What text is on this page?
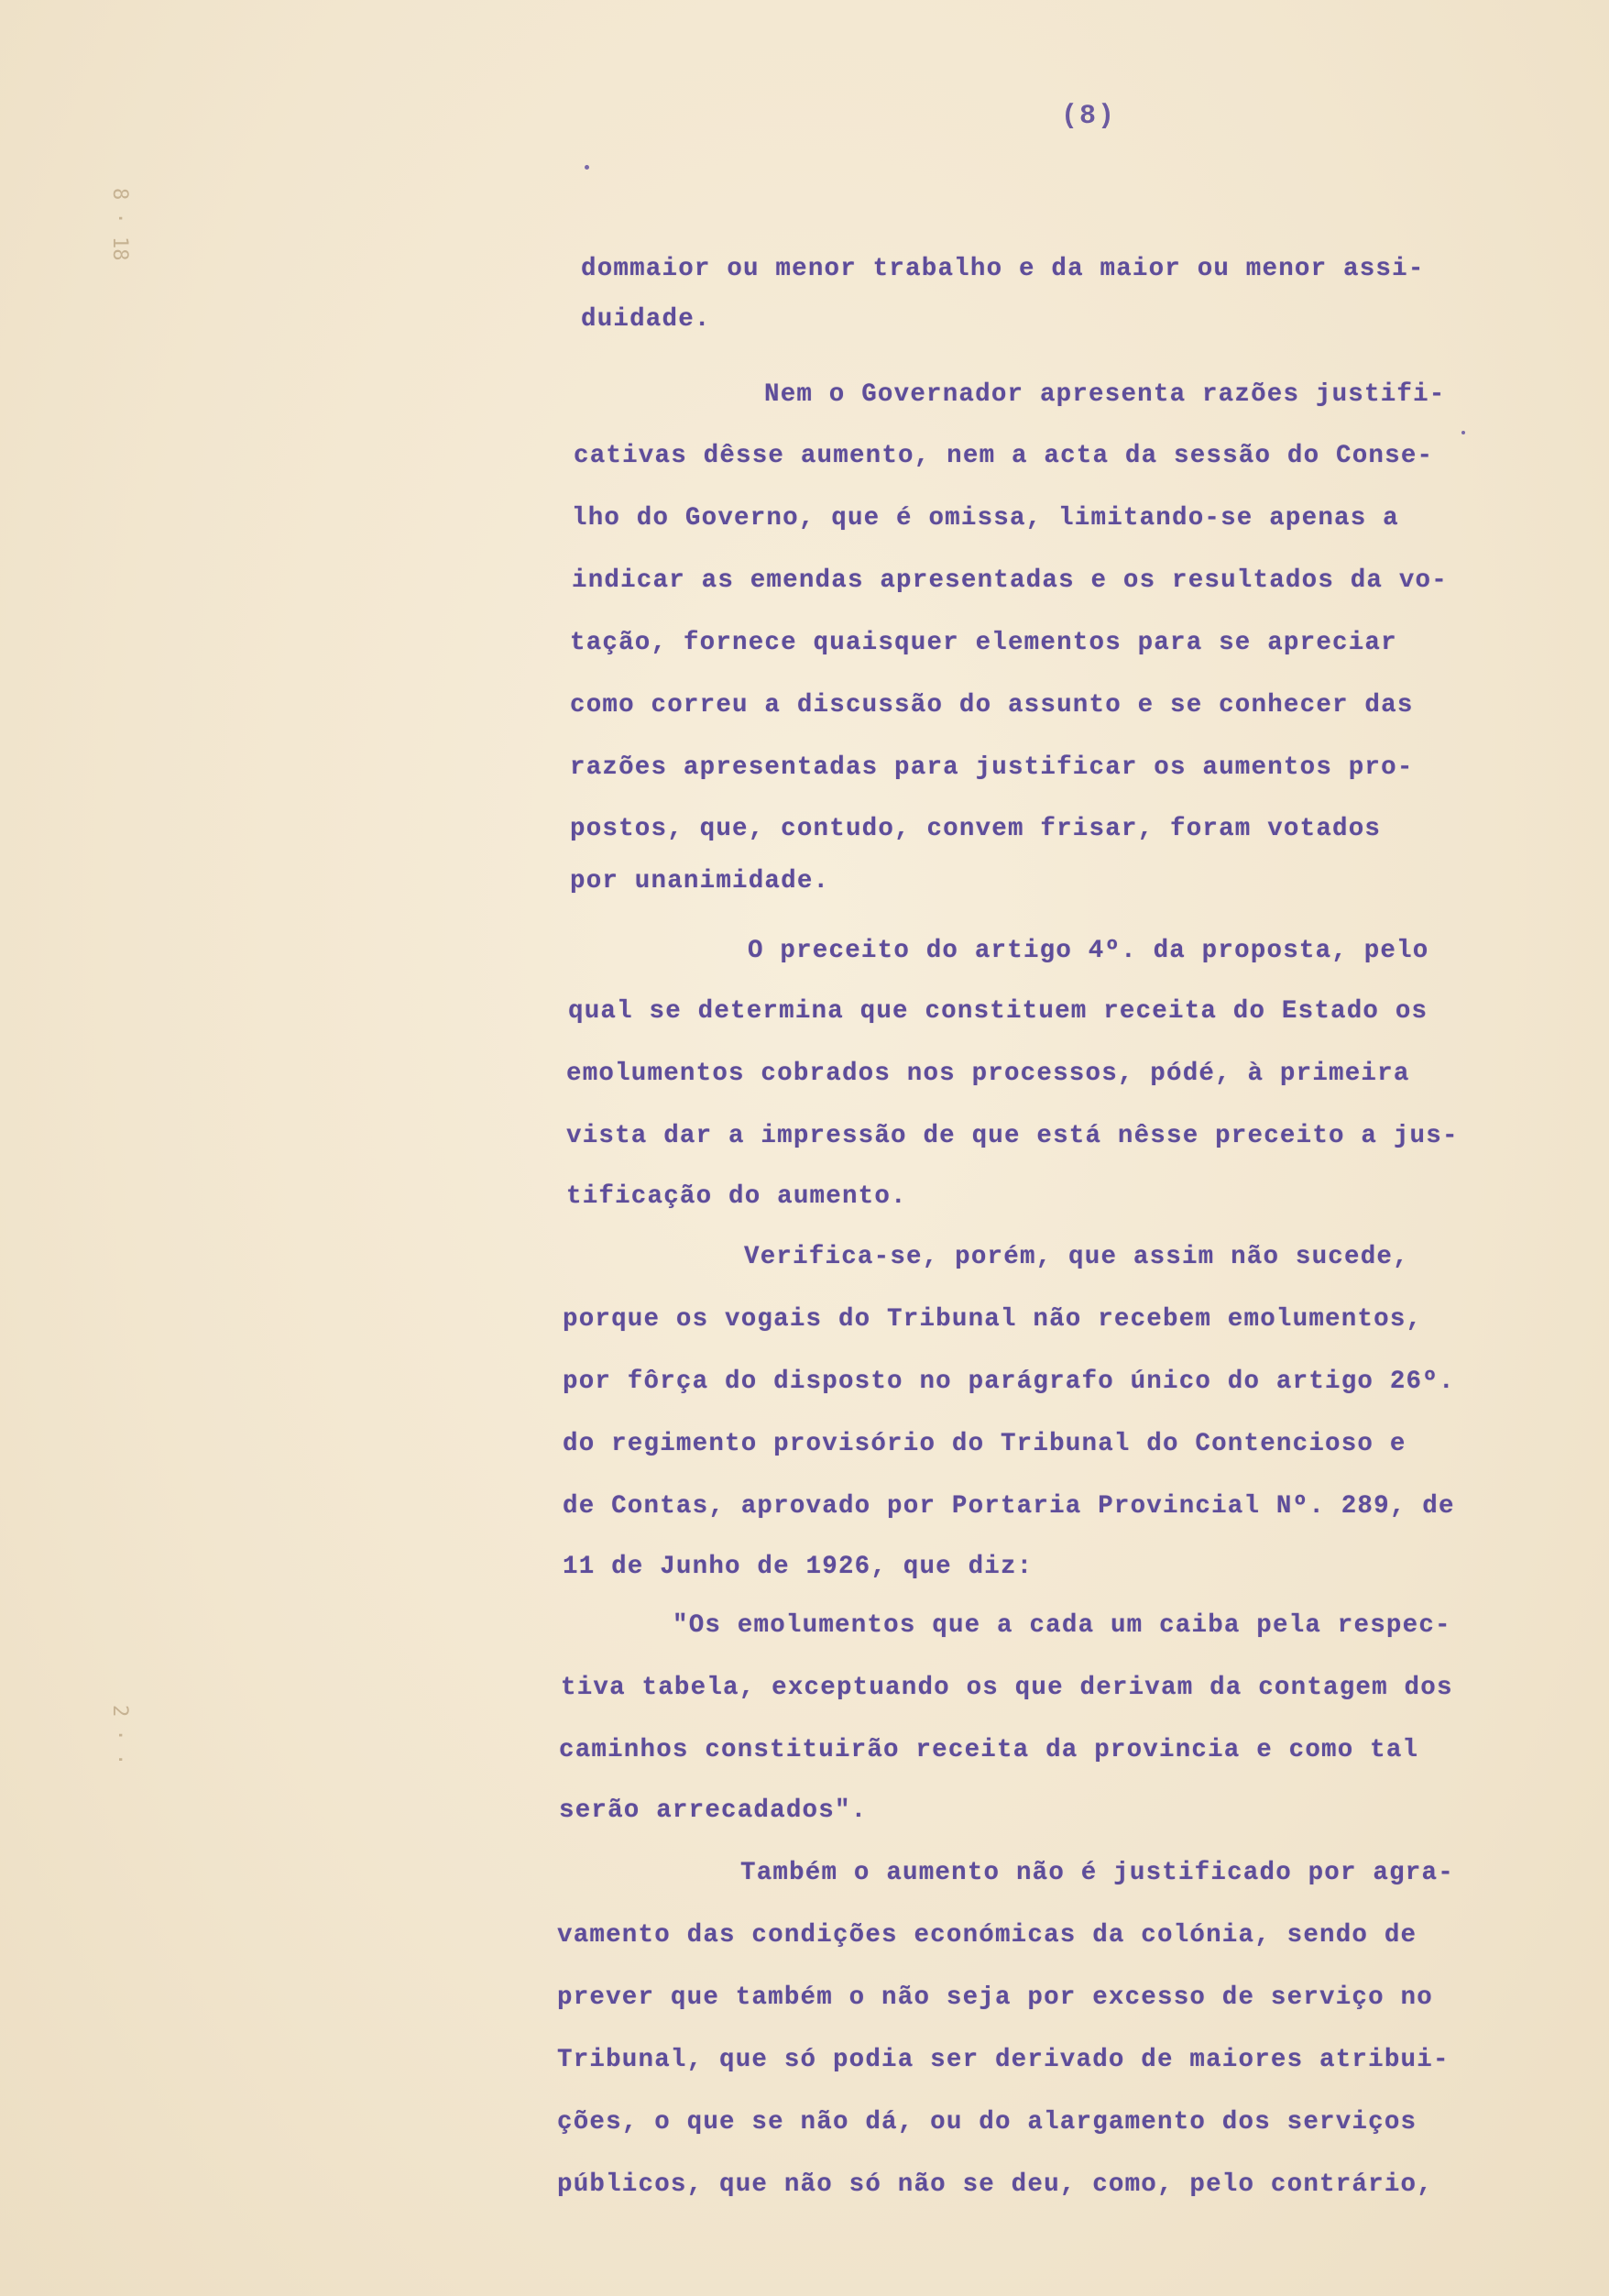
(8)
8 · 18
2 · ·

dommaior ou menor trabalho e da maior ou menor assi-

duidade.

Nem o Governador apresenta razões justifi-

cativas dêsse aumento, nem a acta da sessão do Conse-

lho do Governo, que é omissa, limitando-se apenas a

indicar as emendas apresentadas e os resultados da vo-

tação, fornece quaisquer elementos para se apreciar

como correu a discussão do assunto e se conhecer das

razões apresentadas para justificar os aumentos pro-

postos, que, contudo, convem frisar, foram votados

por unanimidade.

O preceito do artigo 4º. da proposta, pelo

qual se determina que constituem receita do Estado os

emolumentos cobrados nos processos, pódé, à primeira

vista dar a impressão de que está nêsse preceito a jus-

tificação do aumento.

Verifica-se, porém, que assim não sucede,

porque os vogais do Tribunal não recebem emolumentos,

por fôrça do disposto no parágrafo único do artigo 26º.

do regimento provisório do Tribunal do Contencioso e

de Contas, aprovado por Portaria Provincial Nº. 289, de

11 de Junho de 1926, que diz:

"Os emolumentos que a cada um caiba pela respec-

tiva tabela, exceptuando os que derivam da contagem dos

caminhos constituirão receita da provincia e como tal

serão arrecadados".

Também o aumento não é justificado por agra-

vamento das condições económicas da colónia, sendo de

prever que também o não seja por excesso de serviço no

Tribunal, que só podia ser derivado de maiores atribui-

ções, o que se não dá, ou do alargamento dos serviços

públicos, que não só não se deu, como, pelo contrário,
